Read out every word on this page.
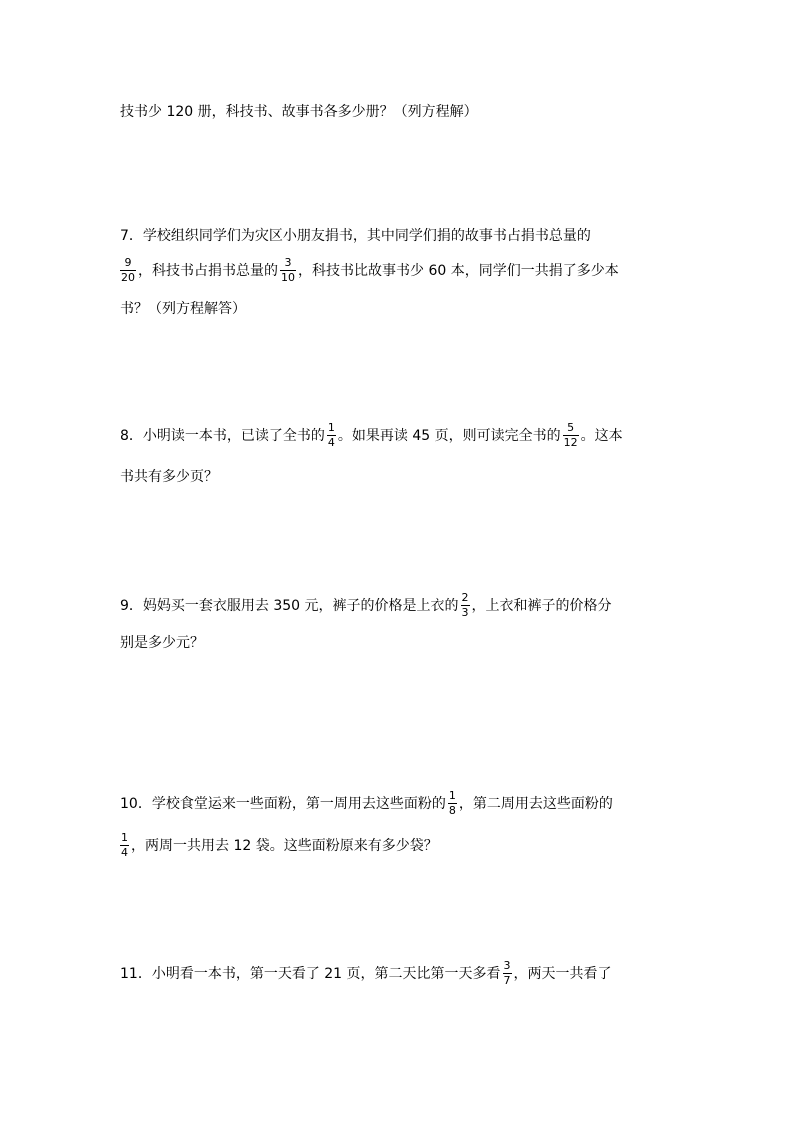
技书少 120 册，科技书、故事书各多少册？（列方程解）
7．学校组织同学们为灾区小朋友捐书，其中同学们捐的故事书占捐书总量的
$\frac{9}{20}$ ，科技书占捐书总量的 $\frac{3}{10}$ ，科技书比故事书少 60 本，同学们一共捐了多少本
书？（列方程解答）
8．小明读一本书，已读了全书的 $\frac{1}{4}$ 。如果再读 45 页，则可读完全书的 $\frac{5}{12}$ 。这本
书共有多少页？
9．妈妈买一套衣服用去 350 元，裤子的价格是上衣的 $\frac{2}{3}$ ，上衣和裤子的价格分
别是多少元？
10．学校食堂运来一些面粉，第一周用去这些面粉的 $\frac{1}{8}$ ，第二周用去这些面粉的
$\frac{1}{4}$ ，两周一共用去 12 袋。这些面粉原来有多少袋？
11．小明看一本书，第一天看了 21 页，第二天比第一天多看 $\frac{3}{7}$ ，两天一共看了
